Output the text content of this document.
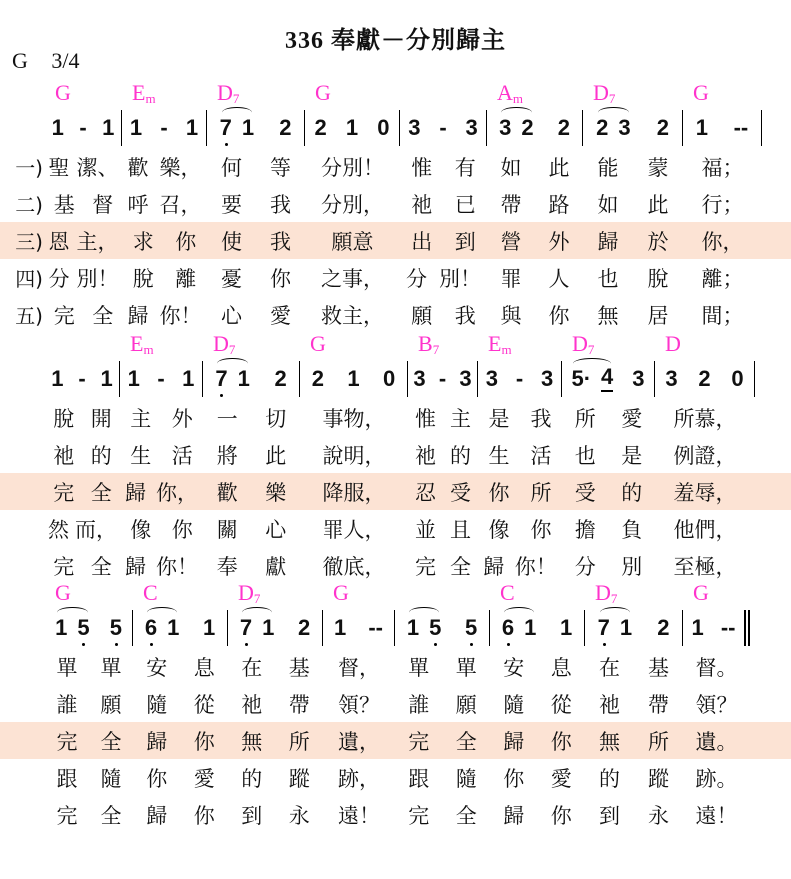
336 奉獻－分別歸主
G 3/4
G	$E_m$	$D_7$	G	$A_m$	$D_7$	G
1 - 1 1 - 1 7 1 2 2 1 0 3 - 3 3 2 2 2 3 2 1 --
一) 聖 潔、 歡 樂， 何 等 分別！ 惟 有 如 此 能 蒙 福；
二) 基 督 呼 召， 要 我 分別， 祂 已 帶 路 如 此 行；
三) 恩 主， 求 你 使 我 願意 出 到 營 外 歸 於 你，
四) 分 別！ 脫 離 憂 你 之事， 分 別！ 罪 人 也 脫 離；
五) 完 全 歸 你！ 心 愛 救主， 願 我 與 你 無 居 間；
$E_m$	$D_7$	G	$B_7$	$E_m$	$D_7$	D
1 - 1 1 - 1 7 1 2 2 1 0 3 - 3 3 - 3 5· 4 3 3 2 0
脫 開 主 外 一 切 事物， 惟 主 是 我 所 愛 所慕，
祂 的 生 活 將 此 說明， 祂 的 生 活 也 是 例證，
完 全 歸 你， 歡 樂 降服， 忍 受 你 所 受 的 羞辱，
然 而， 像 你 關 心 罪人， 並 且 像 你 擔 負 他們，
完 全 歸 你！ 奉 獻 徹底， 完 全 歸 你！ 分 別 至極，
G	C	$D_7$	G	C	$D_7$	G
1 5 5 6 1 1 7 1 2 1 -- 1 5 5 6 1 1 7 1 2 1 --
單 單 安 息 在 基 督， 單 單 安 息 在 基 督。
誰 願 隨 從 祂 帶 領？ 誰 願 隨 從 祂 帶 領？
完 全 歸 你 無 所 遺， 完 全 歸 你 無 所 遺。
跟 隨 你 愛 的 蹤 跡， 跟 隨 你 愛 的 蹤 跡。
完 全 歸 你 到 永 遠！ 完 全 歸 你 到 永 遠！
